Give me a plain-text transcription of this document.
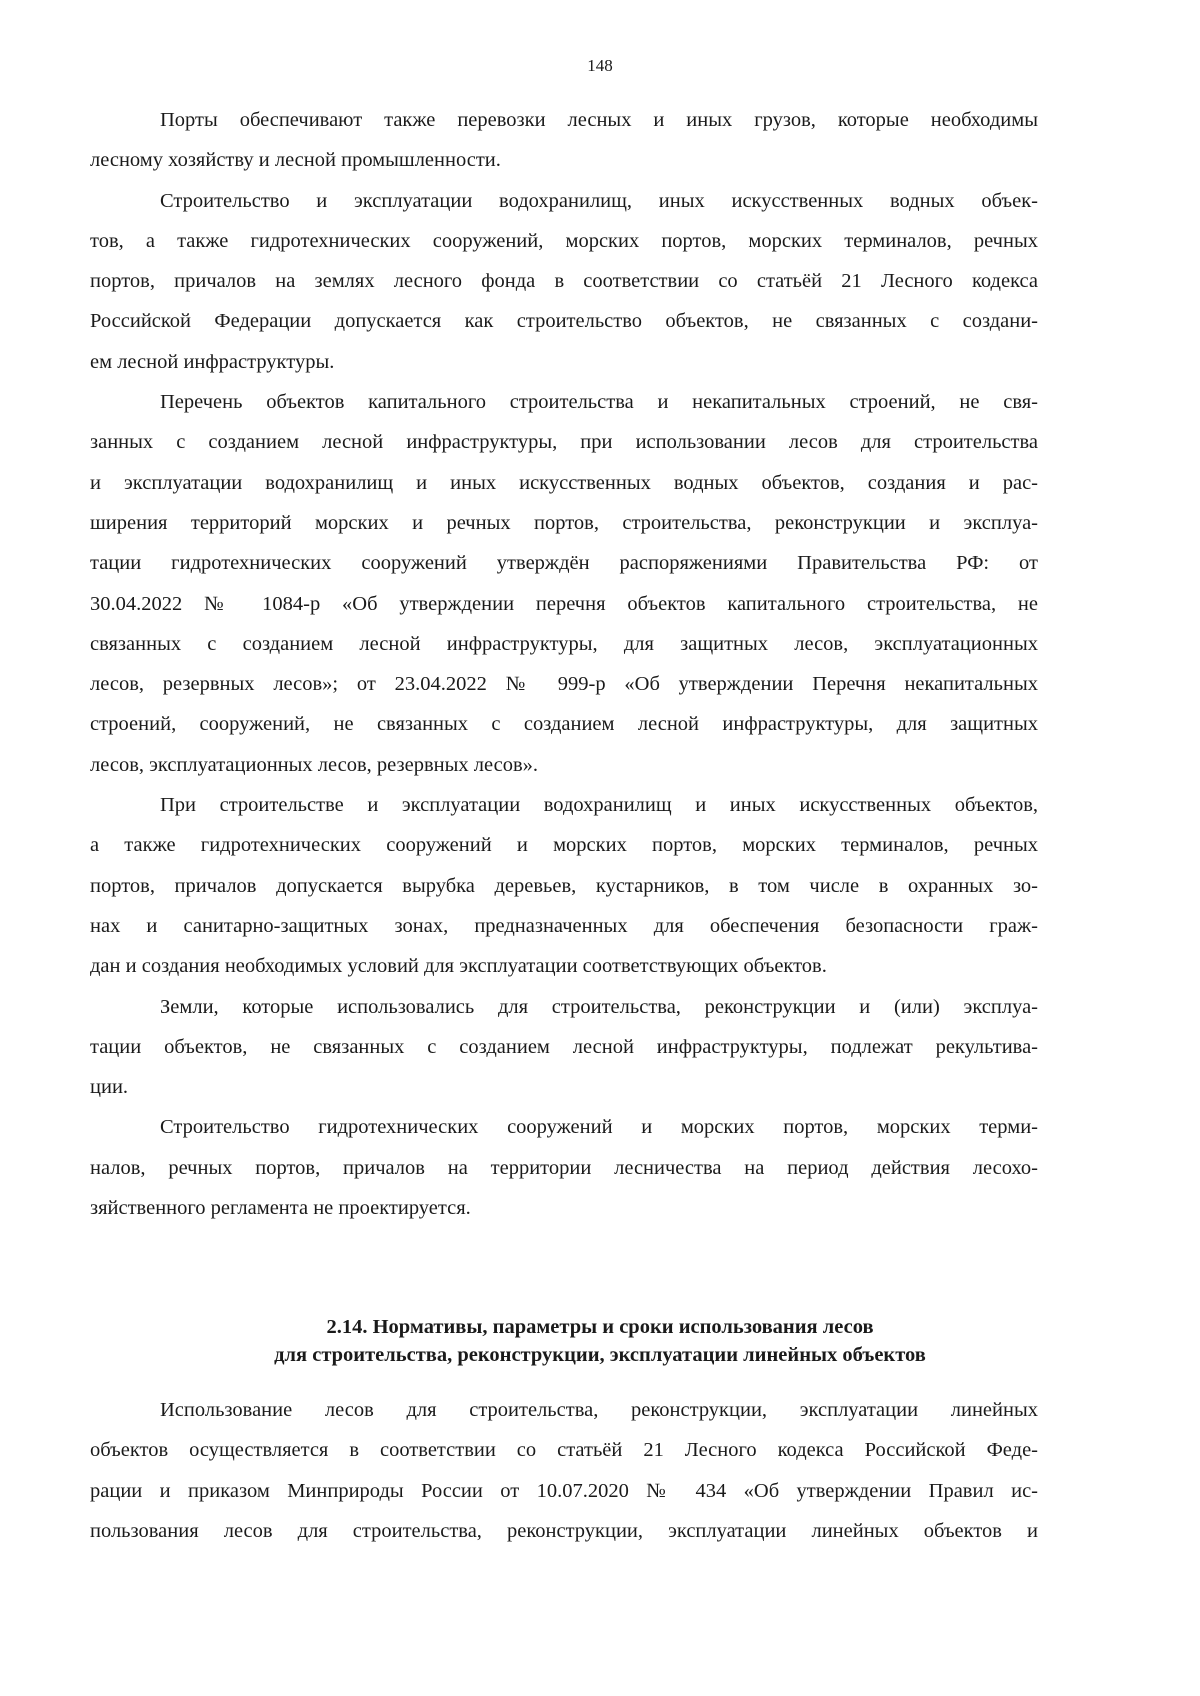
148
Порты обеспечивают также перевозки лесных и иных грузов, которые необходимы
лесному хозяйству и лесной промышленности.
Строительство и эксплуатации водохранилищ, иных искусственных водных объек-
тов, а также гидротехнических сооружений, морских портов, морских терминалов, речных
портов, причалов на землях лесного фонда в соответствии со статьёй 21 Лесного кодекса
Российской Федерации допускается как строительство объектов, не связанных с создани-
ем лесной инфраструктуры.
Перечень объектов капитального строительства и некапитальных строений, не свя-
занных с созданием лесной инфраструктуры, при использовании лесов для строительства
и эксплуатации водохранилищ и иных искусственных водных объектов, создания и рас-
ширения территорий морских и речных портов, строительства, реконструкции и эксплуа-
тации гидротехнических сооружений утверждён распоряжениями Правительства РФ: от
30.04.2022 № 1084-р «Об утверждении перечня объектов капитального строительства, не
связанных с созданием лесной инфраструктуры, для защитных лесов, эксплуатационных
лесов, резервных лесов»; от 23.04.2022 № 999-р «Об утверждении Перечня некапитальных
строений, сооружений, не связанных с созданием лесной инфраструктуры, для защитных
лесов, эксплуатационных лесов, резервных лесов».
При строительстве и эксплуатации водохранилищ и иных искусственных объектов,
а также гидротехнических сооружений и морских портов, морских терминалов, речных
портов, причалов допускается вырубка деревьев, кустарников, в том числе в охранных зо-
нах и санитарно-защитных зонах, предназначенных для обеспечения безопасности граж-
дан и создания необходимых условий для эксплуатации соответствующих объектов.
Земли, которые использовались для строительства, реконструкции и (или) эксплуа-
тации объектов, не связанных с созданием лесной инфраструктуры, подлежат рекультива-
ции.
Строительство гидротехнических сооружений и морских портов, морских терми-
налов, речных портов, причалов на территории лесничества на период действия лесохо-
зяйственного регламента не проектируется.
2.14. Нормативы, параметры и сроки использования лесов
для строительства, реконструкции, эксплуатации линейных объектов
Использование лесов для строительства, реконструкции, эксплуатации линейных
объектов осуществляется в соответствии со статьёй 21 Лесного кодекса Российской Феде-
рации и приказом Минприроды России от 10.07.2020 № 434 «Об утверждении Правил ис-
пользования лесов для строительства, реконструкции, эксплуатации линейных объектов и
